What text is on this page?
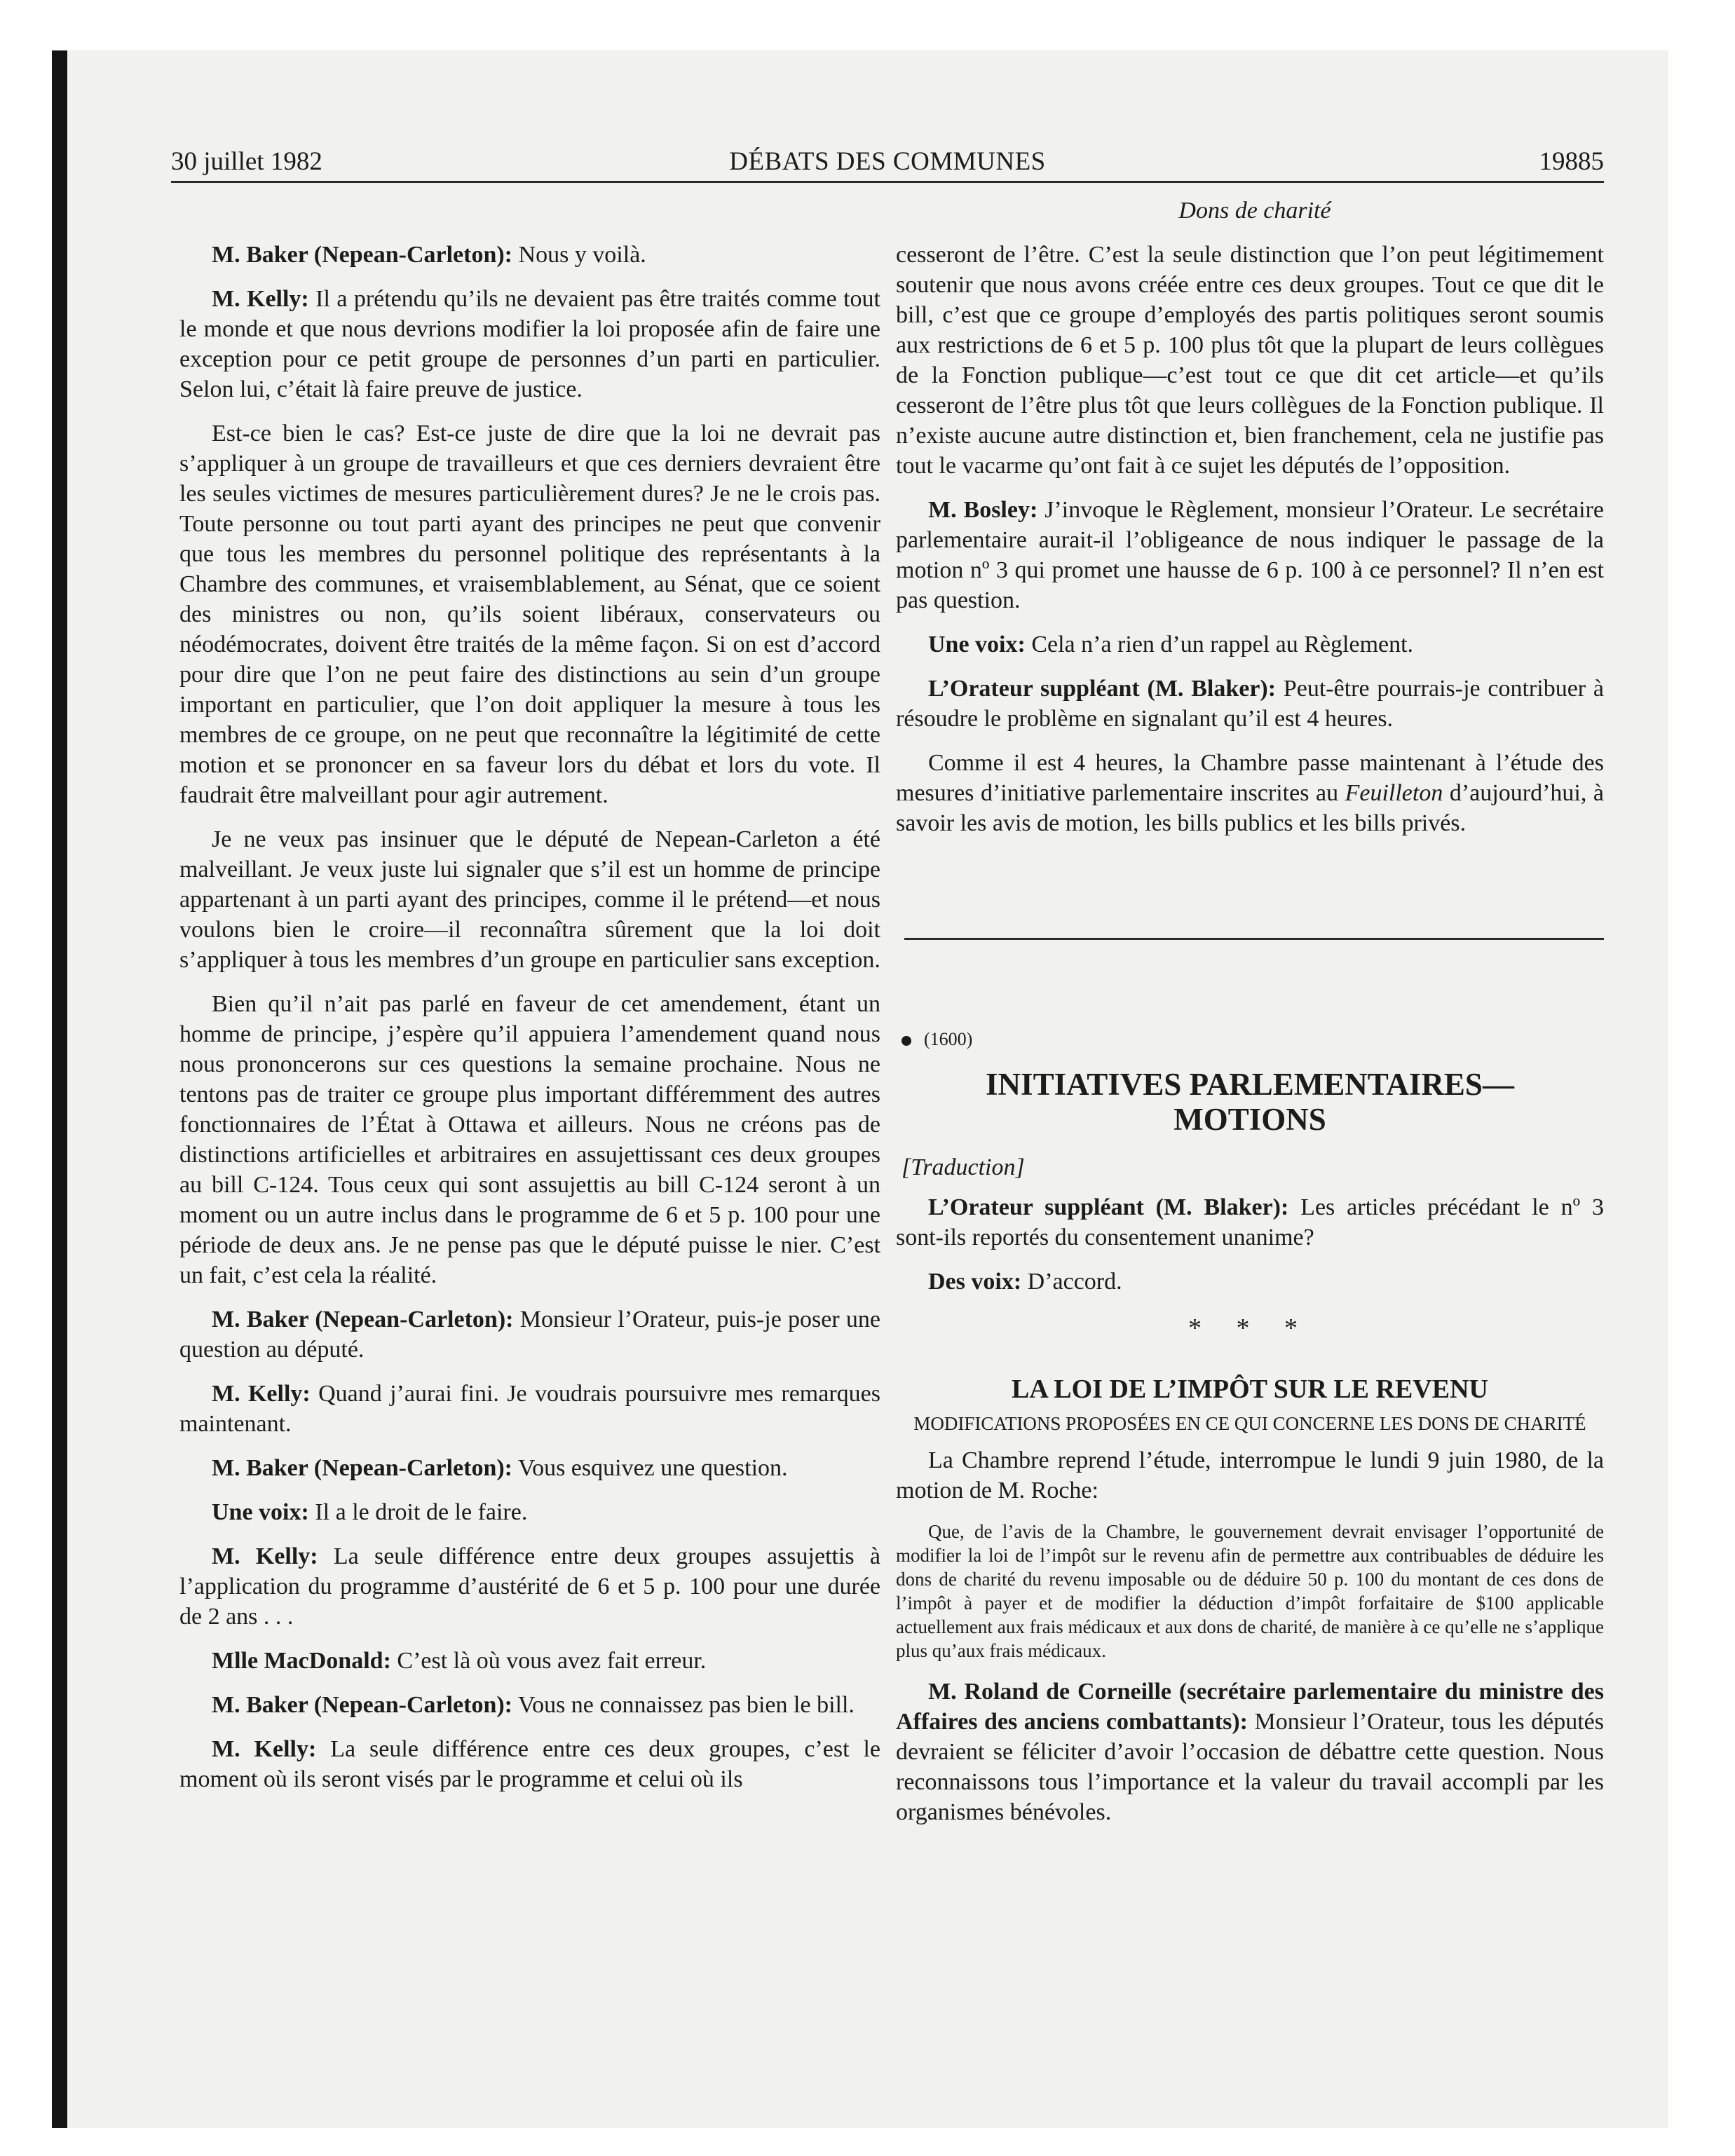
30 juillet 1982	DÉBATS DES COMMUNES	19885
Dons de charité

M. Baker (Nepean-Carleton): Nous y voilà.

M. Kelly: Il a prétendu qu’ils ne devaient pas être traités comme tout le monde et que nous devrions modifier la loi proposée afin de faire une exception pour ce petit groupe de personnes d’un parti en particulier. Selon lui, c’était là faire preuve de justice.

Est-ce bien le cas? Est-ce juste de dire que la loi ne devrait pas s’appliquer à un groupe de travailleurs et que ces derniers devraient être les seules victimes de mesures particulièrement dures? Je ne le crois pas. Toute personne ou tout parti ayant des principes ne peut que convenir que tous les membres du personnel politique des représentants à la Chambre des communes, et vraisemblablement, au Sénat, que ce soient des ministres ou non, qu’ils soient libéraux, conservateurs ou néodémocrates, doivent être traités de la même façon. Si on est d’accord pour dire que l’on ne peut faire des distinctions au sein d’un groupe important en particulier, que l’on doit appliquer la mesure à tous les membres de ce groupe, on ne peut que reconnaître la légitimité de cette motion et se prononcer en sa faveur lors du débat et lors du vote. Il faudrait être malveillant pour agir autrement.

Je ne veux pas insinuer que le député de Nepean-Carleton a été malveillant. Je veux juste lui signaler que s’il est un homme de principe appartenant à un parti ayant des principes, comme il le prétend—et nous voulons bien le croire—il reconnaîtra sûrement que la loi doit s’appliquer à tous les membres d’un groupe en particulier sans exception.

Bien qu’il n’ait pas parlé en faveur de cet amendement, étant un homme de principe, j’espère qu’il appuiera l’amendement quand nous nous prononcerons sur ces questions la semaine prochaine. Nous ne tentons pas de traiter ce groupe plus important différemment des autres fonctionnaires de l’État à Ottawa et ailleurs. Nous ne créons pas de distinctions artificielles et arbitraires en assujettissant ces deux groupes au bill C-124. Tous ceux qui sont assujettis au bill C-124 seront à un moment ou un autre inclus dans le programme de 6 et 5 p. 100 pour une période de deux ans. Je ne pense pas que le député puisse le nier. C’est un fait, c’est cela la réalité.

M. Baker (Nepean-Carleton): Monsieur l’Orateur, puis-je poser une question au député.

M. Kelly: Quand j’aurai fini. Je voudrais poursuivre mes remarques maintenant.

M. Baker (Nepean-Carleton): Vous esquivez une question.

Une voix: Il a le droit de le faire.

M. Kelly: La seule différence entre deux groupes assujettis à l’application du programme d’austérité de 6 et 5 p. 100 pour une durée de 2 ans . . .

Mlle MacDonald: C’est là où vous avez fait erreur.

M. Baker (Nepean-Carleton): Vous ne connaissez pas bien le bill.

M. Kelly: La seule différence entre ces deux groupes, c’est le moment où ils seront visés par le programme et celui où ils

cesseront de l’être. C’est la seule distinction que l’on peut légitimement soutenir que nous avons créée entre ces deux groupes. Tout ce que dit le bill, c’est que ce groupe d’employés des partis politiques seront soumis aux restrictions de 6 et 5 p. 100 plus tôt que la plupart de leurs collègues de la Fonction publique—c’est tout ce que dit cet article—et qu’ils cesseront de l’être plus tôt que leurs collègues de la Fonction publique. Il n’existe aucune autre distinction et, bien franchement, cela ne justifie pas tout le vacarme qu’ont fait à ce sujet les députés de l’opposition.

M. Bosley: J’invoque le Règlement, monsieur l’Orateur. Le secrétaire parlementaire aurait-il l’obligeance de nous indiquer le passage de la motion nº 3 qui promet une hausse de 6 p. 100 à ce personnel? Il n’en est pas question.

Une voix: Cela n’a rien d’un rappel au Règlement.

L’Orateur suppléant (M. Blaker): Peut-être pourrais-je contribuer à résoudre le problème en signalant qu’il est 4 heures.

Comme il est 4 heures, la Chambre passe maintenant à l’étude des mesures d’initiative parlementaire inscrites au Feuilleton d’aujourd’hui, à savoir les avis de motion, les bills publics et les bills privés.

(1600)
INITIATIVES PARLEMENTAIRES—
MOTIONS
[Traduction]

L’Orateur suppléant (M. Blaker): Les articles précédant le nº 3 sont-ils reportés du consentement unanime?

Des voix: D’accord.

* * *
LA LOI DE L’IMPÔT SUR LE REVENU
MODIFICATIONS PROPOSÉES EN CE QUI CONCERNE LES DONS DE CHARITÉ

La Chambre reprend l’étude, interrompue le lundi 9 juin 1980, de la motion de M. Roche:

Que, de l’avis de la Chambre, le gouvernement devrait envisager l’opportunité de modifier la loi de l’impôt sur le revenu afin de permettre aux contribuables de déduire les dons de charité du revenu imposable ou de déduire 50 p. 100 du montant de ces dons de l’impôt à payer et de modifier la déduction d’impôt forfaitaire de $100 applicable actuellement aux frais médicaux et aux dons de charité, de manière à ce qu’elle ne s’applique plus qu’aux frais médicaux.

M. Roland de Corneille (secrétaire parlementaire du ministre des Affaires des anciens combattants): Monsieur l’Orateur, tous les députés devraient se féliciter d’avoir l’occasion de débattre cette question. Nous reconnaissons tous l’importance et la valeur du travail accompli par les organismes bénévoles.
